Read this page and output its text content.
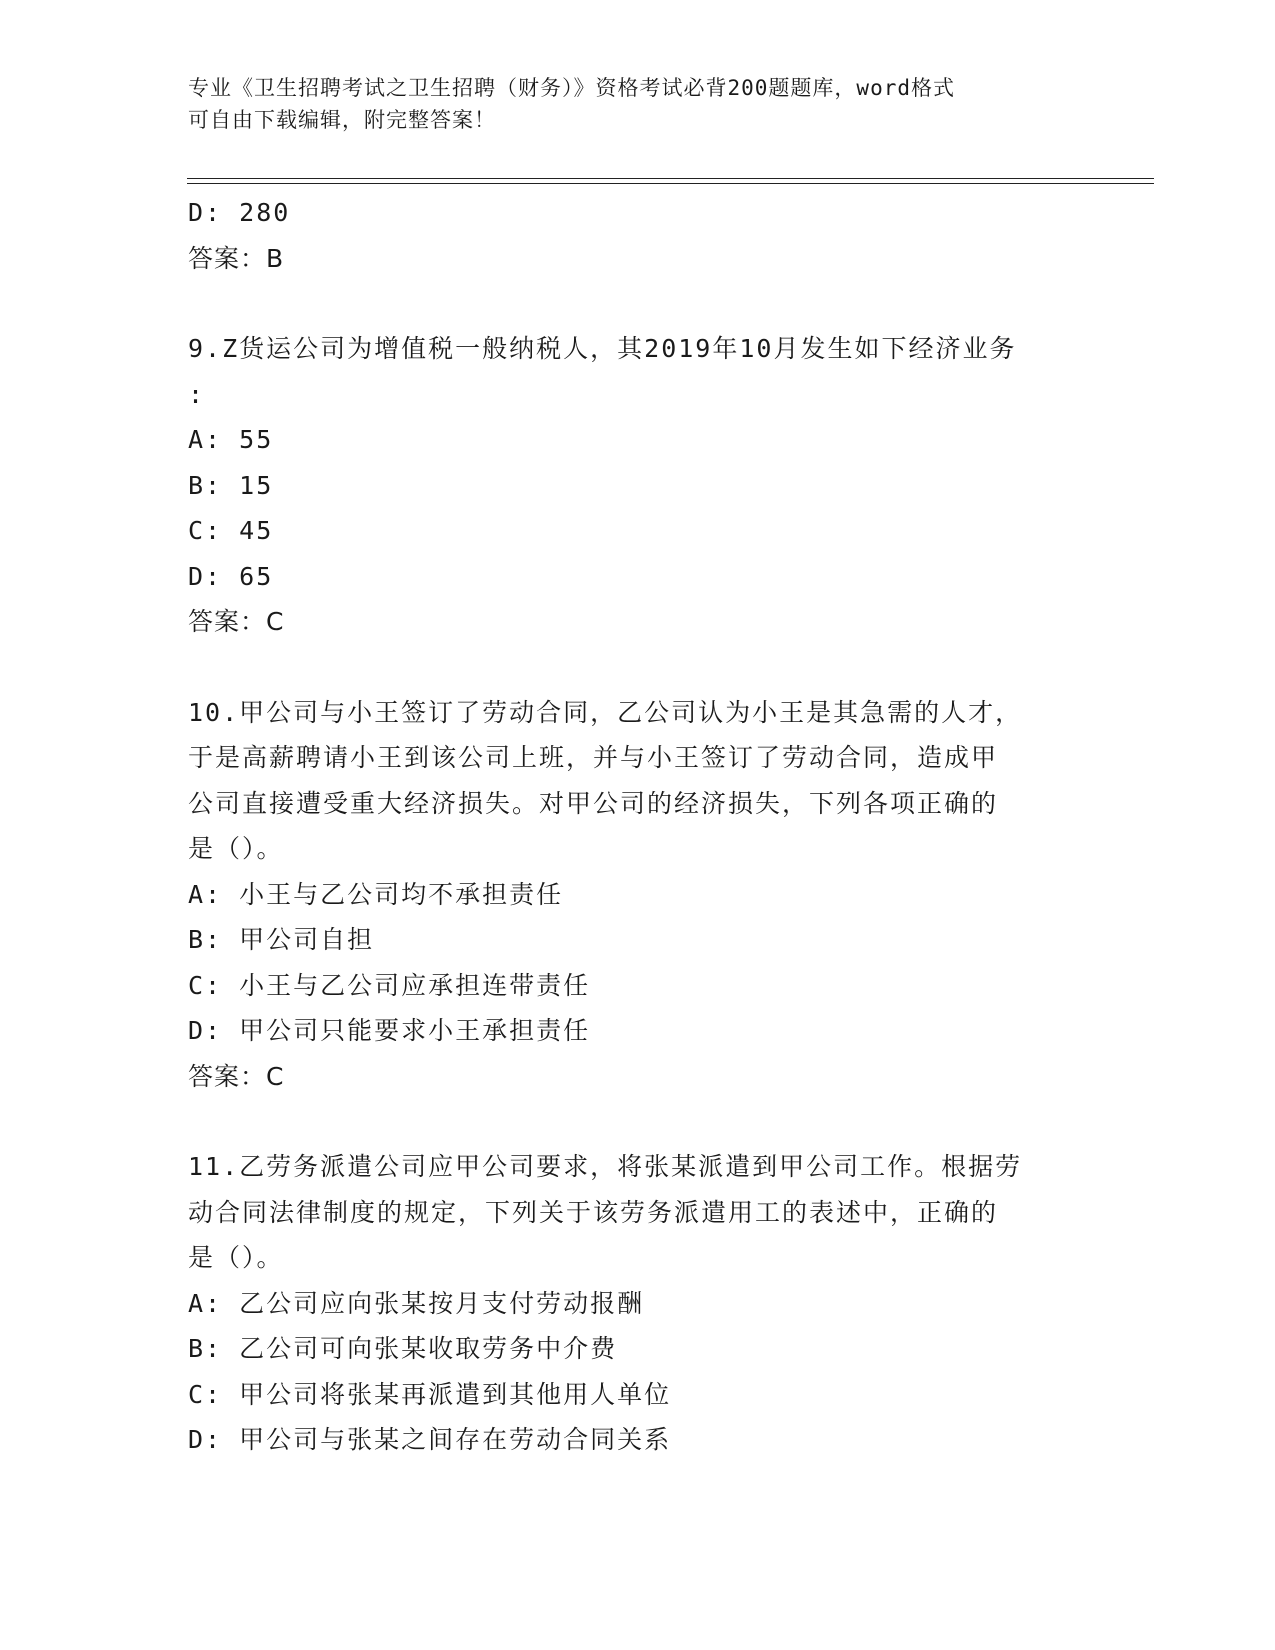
专业《卫生招聘考试之卫生招聘（财务）》资格考试必背200题题库，word格式
可自由下载编辑，附完整答案！
D: 280
答案：B
9.Z货运公司为增值税一般纳税人，其2019年10月发生如下经济业务
:
A: 55
B: 15
C: 45
D: 65
答案：C
10.甲公司与小王签订了劳动合同，乙公司认为小王是其急需的人才，
于是高薪聘请小王到该公司上班，并与小王签订了劳动合同，造成甲
公司直接遭受重大经济损失。对甲公司的经济损失，下列各项正确的
是（）。
A: 小王与乙公司均不承担责任
B: 甲公司自担
C: 小王与乙公司应承担连带责任
D: 甲公司只能要求小王承担责任
答案：C
11.乙劳务派遣公司应甲公司要求，将张某派遣到甲公司工作。根据劳
动合同法律制度的规定，下列关于该劳务派遣用工的表述中，正确的
是（）。
A: 乙公司应向张某按月支付劳动报酬
B: 乙公司可向张某收取劳务中介费
C: 甲公司将张某再派遣到其他用人单位
D: 甲公司与张某之间存在劳动合同关系
